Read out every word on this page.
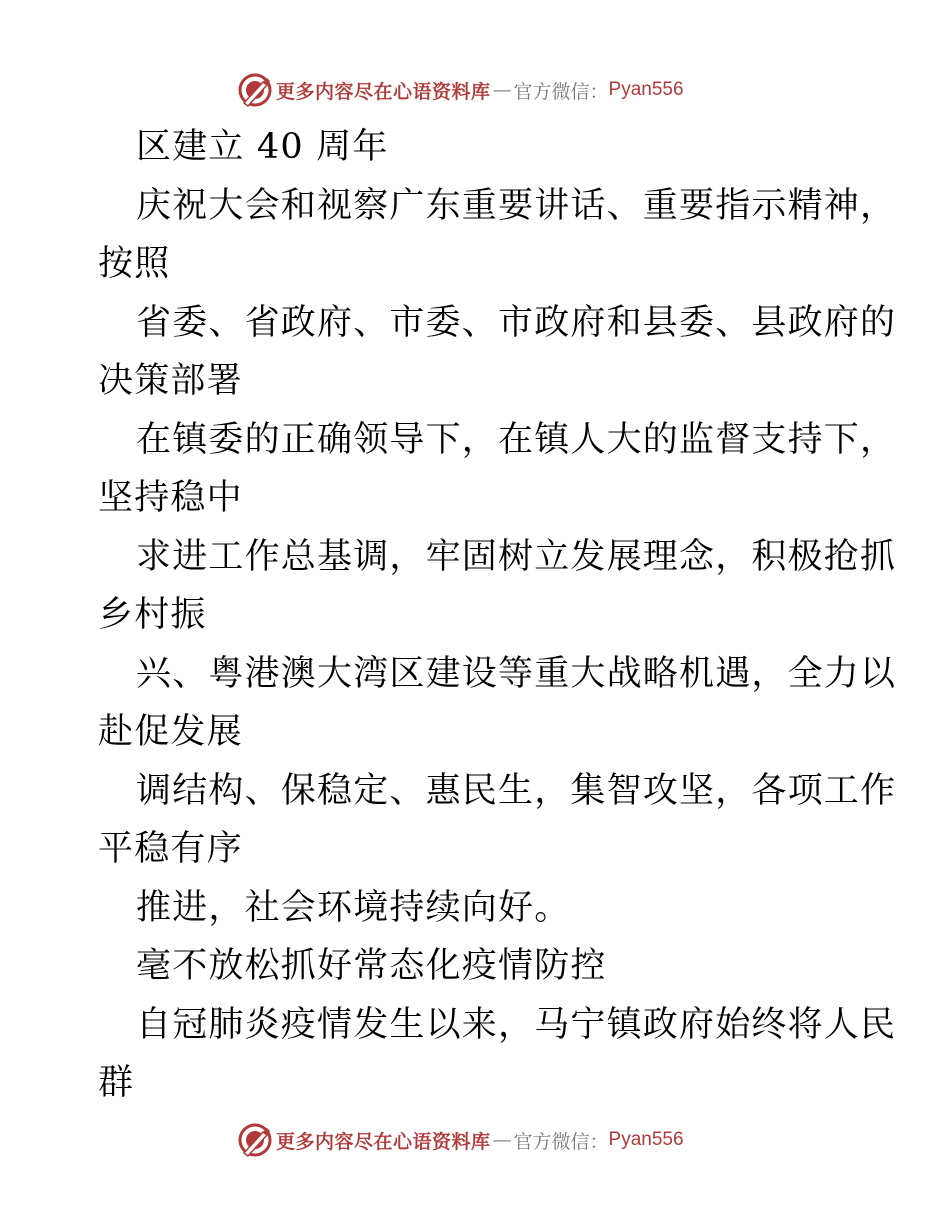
更多内容尽在心语资料库 — 官方微信： Pyan556
区建立 40 周年
庆祝大会和视察广东重要讲话、重要指示精神，
按照
省委、省政府、市委、市政府和县委、县政府的
决策部署
在镇委的正确领导下，在镇人大的监督支持下，
坚持稳中
求进工作总基调，牢固树立发展理念，积极抢抓
乡村振
兴、粤港澳大湾区建设等重大战略机遇，全力以
赴促发展
调结构、保稳定、惠民生，集智攻坚，各项工作
平稳有序
推进，社会环境持续向好。
毫不放松抓好常态化疫情防控
自冠肺炎疫情发生以来，马宁镇政府始终将人民
群
更多内容尽在心语资料库 — 官方微信： Pyan556
